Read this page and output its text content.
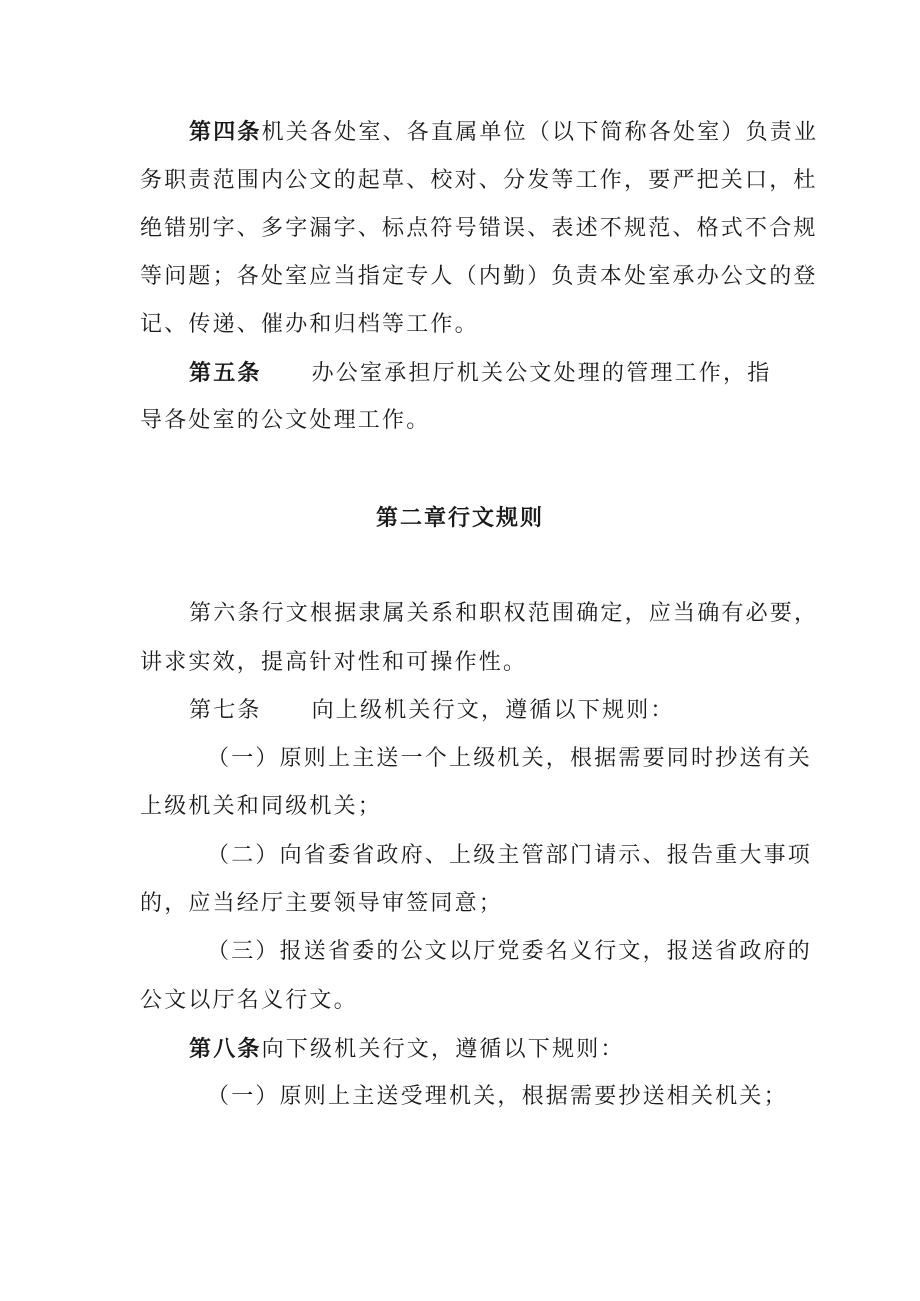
第四条机关各处室、各直属单位（以下简称各处室）负责业
务职责范围内公文的起草、校对、分发等工作，要严把关口，杜
绝错别字、多字漏字、标点符号错误、表述不规范、格式不合规
等问题；各处室应当指定专人（内勤）负责本处室承办公文的登
记、传递、催办和归档等工作。
第五条 办公室承担厅机关公文处理的管理工作，指
导各处室的公文处理工作。
第二章行文规则
第六条行文根据隶属关系和职权范围确定，应当确有必要，
讲求实效，提高针对性和可操作性。
第七条 向上级机关行文，遵循以下规则：
（一）原则上主送一个上级机关，根据需要同时抄送有关
上级机关和同级机关；
（二）向省委省政府、上级主管部门请示、报告重大事项
的，应当经厅主要领导审签同意；
（三）报送省委的公文以厅党委名义行文，报送省政府的
公文以厅名义行文。
第八条向下级机关行文，遵循以下规则：
（一）原则上主送受理机关，根据需要抄送相关机关；
